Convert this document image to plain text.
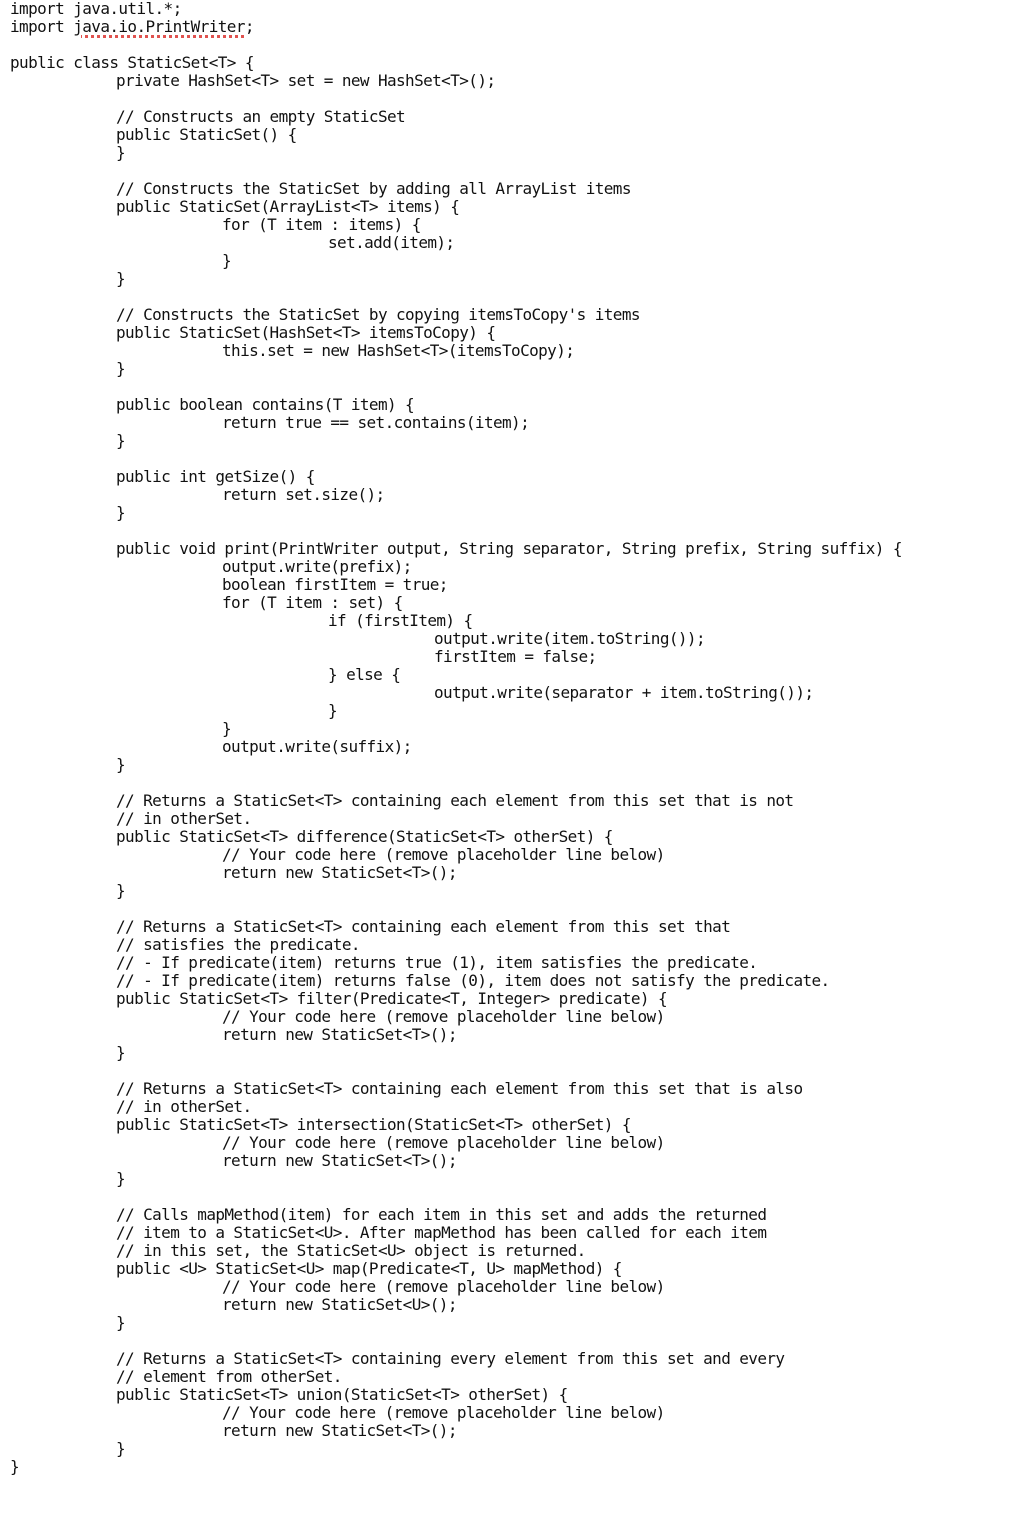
import java.util.*;
import java.io.PrintWriter;
public class StaticSet<T> {
private HashSet<T> set = new HashSet<T>();
// Constructs an empty StaticSet
public StaticSet() {
}
// Constructs the StaticSet by adding all ArrayList items
public StaticSet(ArrayList<T> items) {
for (T item : items) {
set.add(item);
}
}
// Constructs the StaticSet by copying itemsToCopy's items
public StaticSet(HashSet<T> itemsToCopy) {
this.set = new HashSet<T>(itemsToCopy);
}
public boolean contains(T item) {
return true == set.contains(item);
}
public int getSize() {
return set.size();
}
public void print(PrintWriter output, String separator, String prefix, String suffix) {
output.write(prefix);
boolean firstItem = true;
for (T item : set) {
if (firstItem) {
output.write(item.toString());
firstItem = false;
} else {
output.write(separator + item.toString());
}
}
output.write(suffix);
}
// Returns a StaticSet<T> containing each element from this set that is not
// in otherSet.
public StaticSet<T> difference(StaticSet<T> otherSet) {
// Your code here (remove placeholder line below)
return new StaticSet<T>();
}
// Returns a StaticSet<T> containing each element from this set that
// satisfies the predicate.
// - If predicate(item) returns true (1), item satisfies the predicate.
// - If predicate(item) returns false (0), item does not satisfy the predicate.
public StaticSet<T> filter(Predicate<T, Integer> predicate) {
// Your code here (remove placeholder line below)
return new StaticSet<T>();
}
// Returns a StaticSet<T> containing each element from this set that is also
// in otherSet.
public StaticSet<T> intersection(StaticSet<T> otherSet) {
// Your code here (remove placeholder line below)
return new StaticSet<T>();
}
// Calls mapMethod(item) for each item in this set and adds the returned
// item to a StaticSet<U>. After mapMethod has been called for each item
// in this set, the StaticSet<U> object is returned.
public <U> StaticSet<U> map(Predicate<T, U> mapMethod) {
// Your code here (remove placeholder line below)
return new StaticSet<U>();
}
// Returns a StaticSet<T> containing every element from this set and every
// element from otherSet.
public StaticSet<T> union(StaticSet<T> otherSet) {
// Your code here (remove placeholder line below)
return new StaticSet<T>();
}
}
